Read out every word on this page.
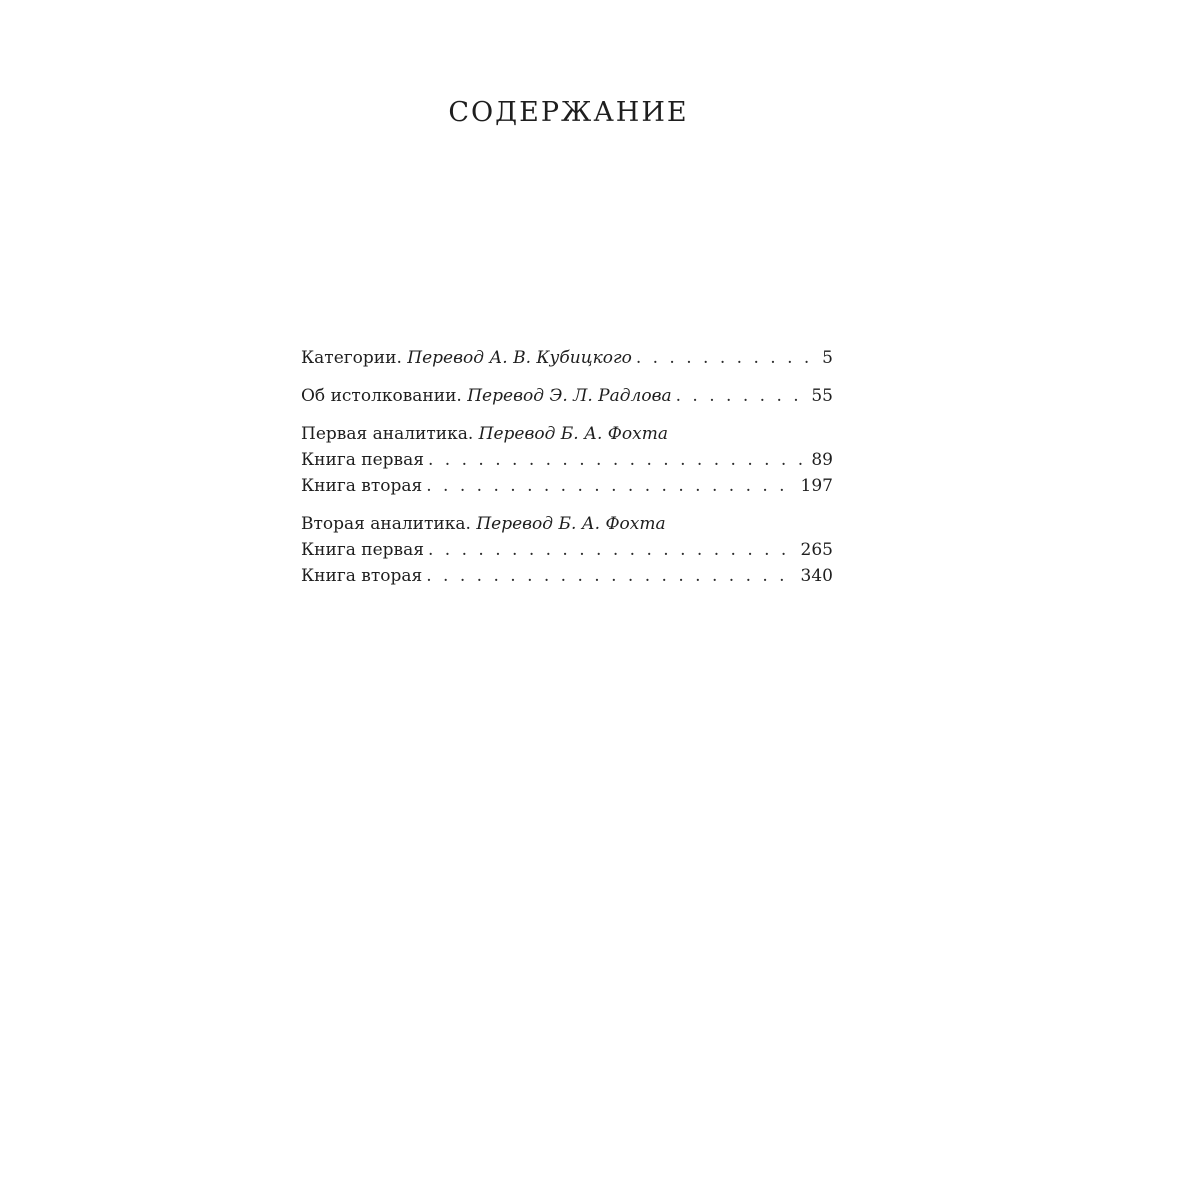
СОДЕРЖАНИЕ
Категории. Перевод А. В. Кубицкого . . .	5
Об истолковании. Перевод Э. Л. Радлова . . .	55
Первая аналитика. Перевод Б. А. Фохта
Книга первая . . .	89
Книга вторая . . .	197
Вторая аналитика. Перевод Б. А. Фохта
Книга первая . . .	265
Книга вторая . . .	340
